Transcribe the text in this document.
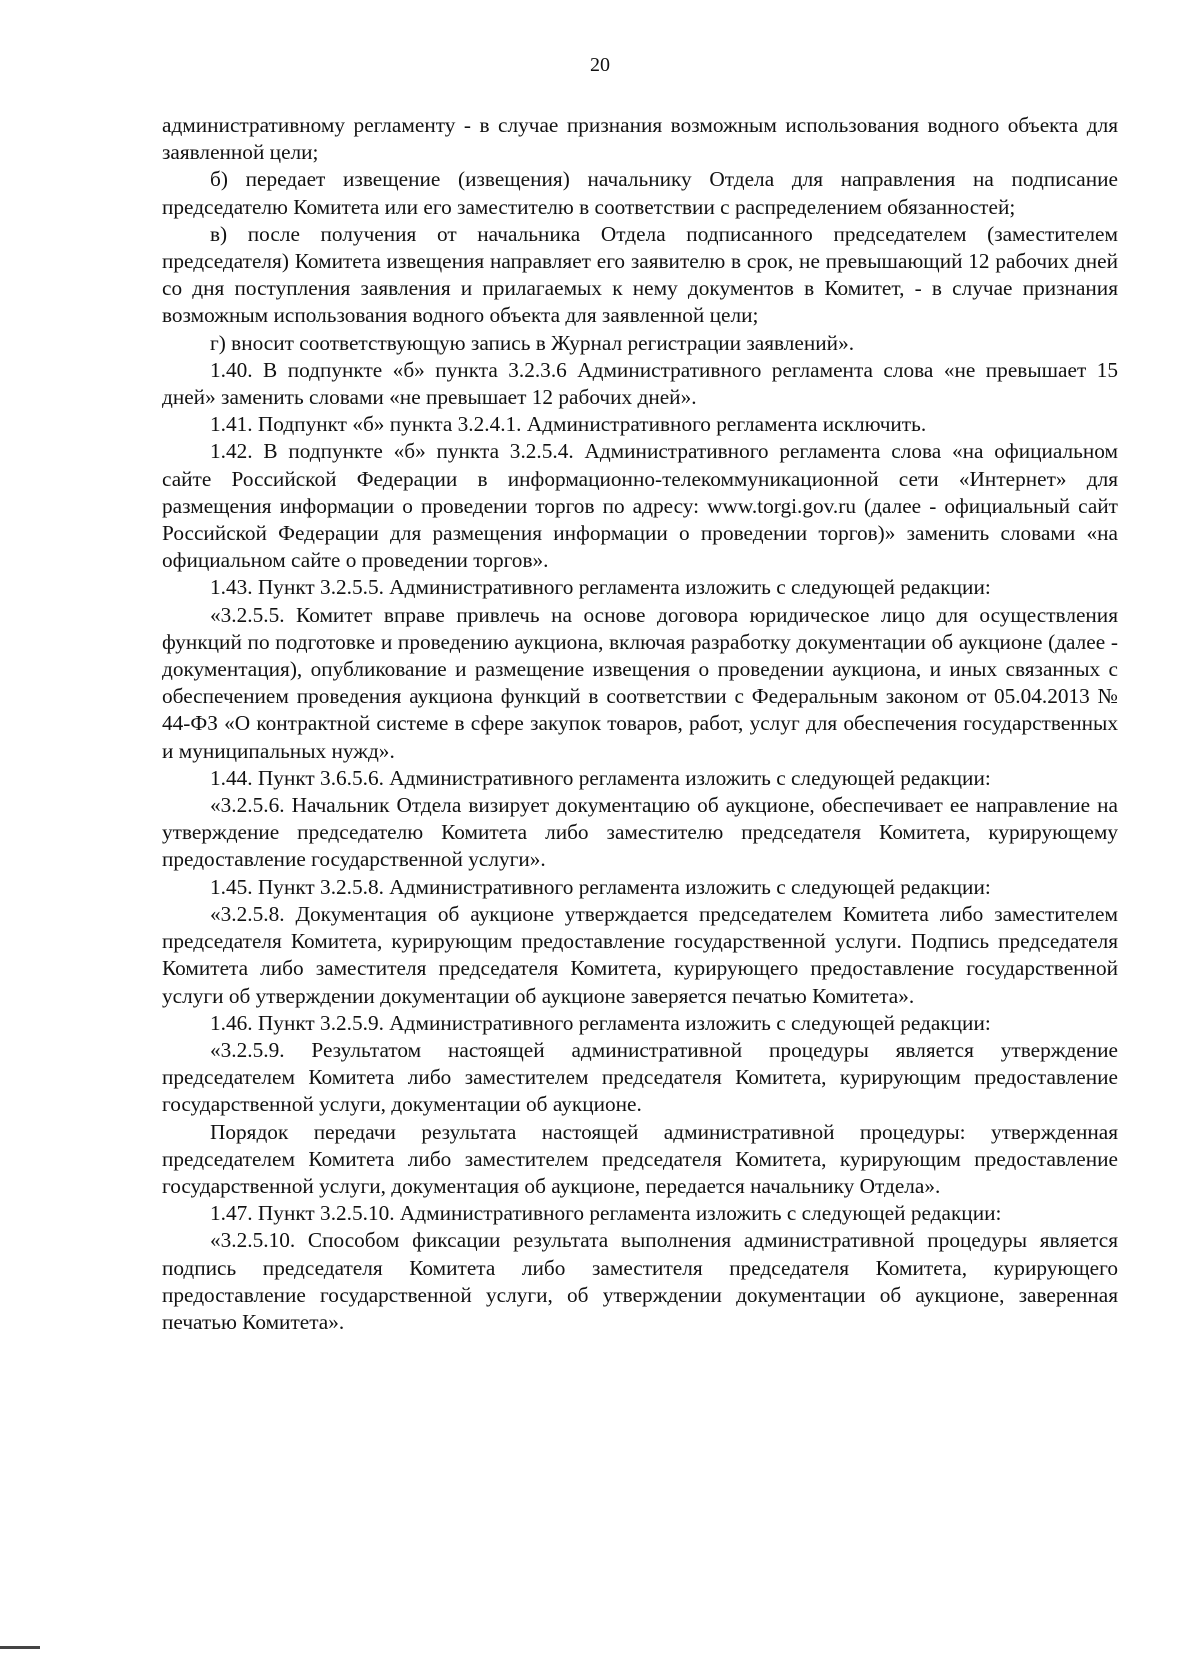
20

административному регламенту - в случае признания возможным использования водного объекта для заявленной цели;

б) передает извещение (извещения) начальнику Отдела для направления на подписание председателю Комитета или его заместителю в соответствии с распределением обязанностей;

в) после получения от начальника Отдела подписанного председателем (заместителем председателя) Комитета извещения направляет его заявителю в срок, не превышающий 12 рабочих дней со дня поступления заявления и прилагаемых к нему документов в Комитет, - в случае признания возможным использования водного объекта для заявленной цели;

г) вносит соответствующую запись в Журнал регистрации заявлений».

1.40. В подпункте «б» пункта 3.2.3.6 Административного регламента слова «не превышает 15 дней» заменить словами «не превышает 12 рабочих дней».

1.41. Подпункт «б» пункта 3.2.4.1. Административного регламента исключить.

1.42. В подпункте «б» пункта 3.2.5.4. Административного регламента слова «на официальном сайте Российской Федерации в информационно-телекоммуникационной сети «Интернет» для размещения информации о проведении торгов по адресу: www.torgi.gov.ru (далее - официальный сайт Российской Федерации для размещения информации о проведении торгов)» заменить словами «на официальном сайте о проведении торгов».

1.43. Пункт 3.2.5.5. Административного регламента изложить с следующей редакции:

«3.2.5.5. Комитет вправе привлечь на основе договора юридическое лицо для осуществления функций по подготовке и проведению аукциона, включая разработку документации об аукционе (далее - документация), опубликование и размещение извещения о проведении аукциона, и иных связанных с обеспечением проведения аукциона функций в соответствии с Федеральным законом от 05.04.2013 № 44-ФЗ «О контрактной системе в сфере закупок товаров, работ, услуг для обеспечения государственных и муниципальных нужд».

1.44. Пункт 3.6.5.6. Административного регламента изложить с следующей редакции:

«3.2.5.6. Начальник Отдела визирует документацию об аукционе, обеспечивает ее направление на утверждение председателю Комитета либо заместителю председателя Комитета, курирующему предоставление государственной услуги».

1.45. Пункт 3.2.5.8. Административного регламента изложить с следующей редакции:

«3.2.5.8. Документация об аукционе утверждается председателем Комитета либо заместителем председателя Комитета, курирующим предоставление государственной услуги. Подпись председателя Комитета либо заместителя председателя Комитета, курирующего предоставление государственной услуги об утверждении документации об аукционе заверяется печатью Комитета».

1.46. Пункт 3.2.5.9. Административного регламента изложить с следующей редакции:

«3.2.5.9. Результатом настоящей административной процедуры является утверждение председателем Комитета либо заместителем председателя Комитета, курирующим предоставление государственной услуги, документации об аукционе.

Порядок передачи результата настоящей административной процедуры: утвержденная председателем Комитета либо заместителем председателя Комитета, курирующим предоставление государственной услуги, документация об аукционе, передается начальнику Отдела».

1.47. Пункт 3.2.5.10. Административного регламента изложить с следующей редакции:

«3.2.5.10. Способом фиксации результата выполнения административной процедуры является подпись председателя Комитета либо заместителя председателя Комитета, курирующего предоставление государственной услуги, об утверждении документации об аукционе, заверенная печатью Комитета».
